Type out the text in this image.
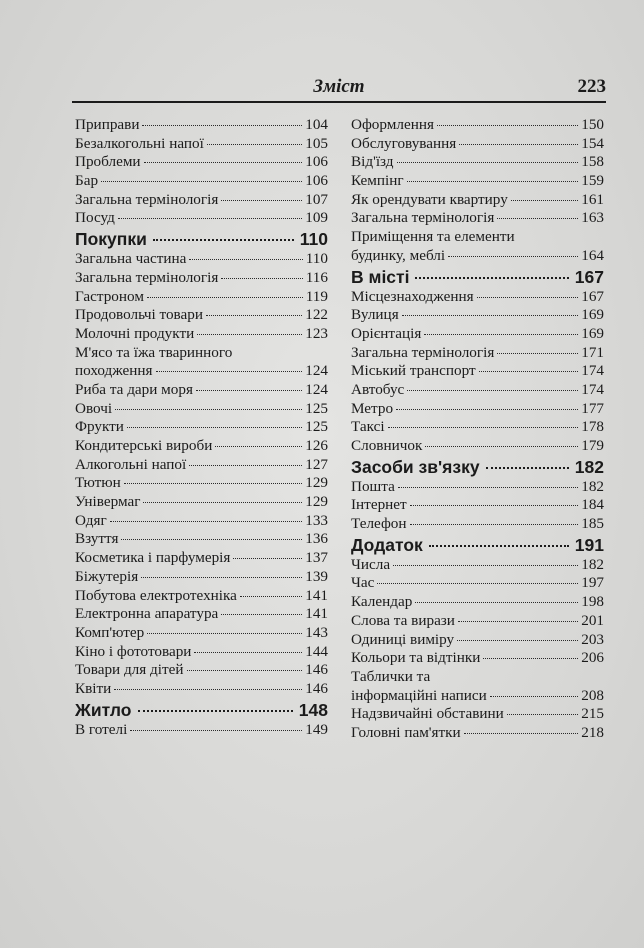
Зміст	223
Приправи	104
Безалкогольні напої	105
Проблеми	106
Бар	106
Загальна термінологія	107
Посуд	109
Покупки	110
Загальна частина	110
Загальна термінологія	116
Гастроном	119
Продовольчі товари	122
Молочні продукти	123
М'ясо та їжа тваринного
походження	124
Риба та дари моря	124
Овочі	125
Фрукти	125
Кондитерські вироби	126
Алкогольні напої	127
Тютюн	129
Універмаг	129
Одяг	133
Взуття	136
Косметика і парфумерія	137
Біжутерія	139
Побутова електротехніка	141
Електронна апаратура	141
Комп'ютер	143
Кіно і фототовари	144
Товари для дітей	146
Квіти	146
Житло	148
В готелі	149
Оформлення	150
Обслуговування	154
Від'їзд	158
Кемпінг	159
Як орендувати квартиру	161
Загальна термінологія	163
Приміщення та елементи
будинку, меблі	164
В місті	167
Місцезнаходження	167
Вулиця	169
Орієнтація	169
Загальна термінологія	171
Міський транспорт	174
Автобус	174
Метро	177
Таксі	178
Словничок	179
Засоби зв'язку	182
Пошта	182
Інтернет	184
Телефон	185
Додаток	191
Числа	182
Час	197
Календар	198
Слова та вирази	201
Одиниці виміру	203
Кольори та відтінки	206
Таблички та
інформаційні написи	208
Надзвичайні обставини	215
Головні пам'ятки	218
